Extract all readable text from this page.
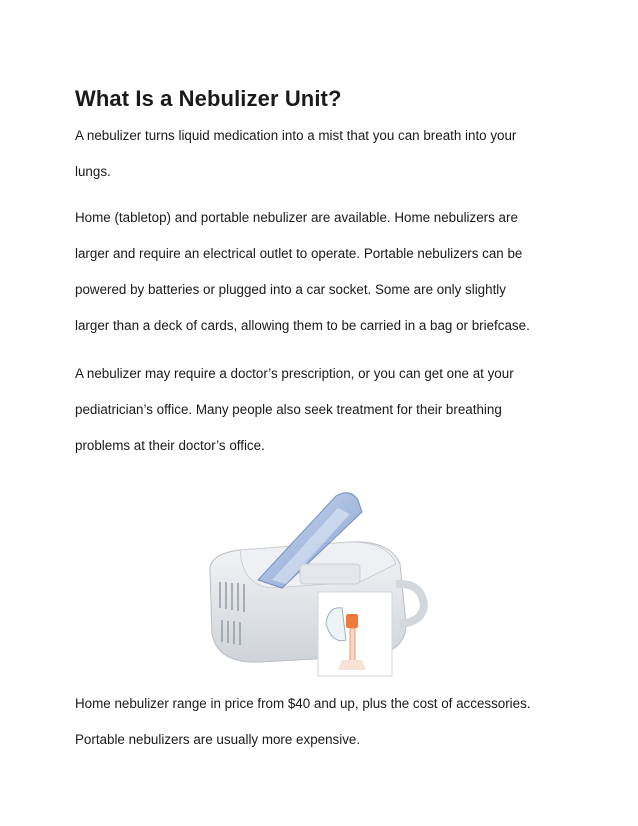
What Is a Nebulizer Unit?

A nebulizer turns liquid medication into a mist that you can breath into your
lungs.

Home (tabletop) and portable nebulizer are available. Home nebulizers are
larger and require an electrical outlet to operate. Portable nebulizers can be
powered by batteries or plugged into a car socket. Some are only slightly
larger than a deck of cards, allowing them to be carried in a bag or briefcase.

A nebulizer may require a doctor’s prescription, or you can get one at your
pediatrician’s office. Many people also seek treatment for their breathing
problems at their doctor’s office.

Home nebulizer range in price from $40 and up, plus the cost of accessories.
Portable nebulizers are usually more expensive.
